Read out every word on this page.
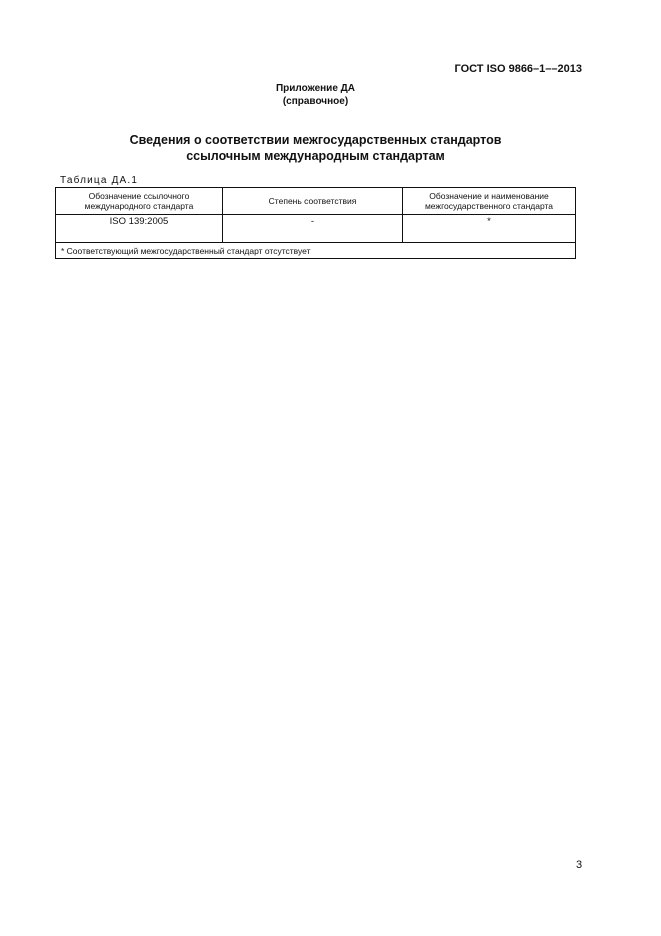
ГОСТ ISO 9866–1––2013
Приложение ДА
(справочное)
Сведения о соответствии межгосударственных стандартов
ссылочным международным стандартам
Таблица ДА.1
Обозначение ссылочного международного стандарта	Степень соответствия	Обозначение и наименование межгосударственного стандарта
ISO 139:2005	-	*
* Соответствующий межгосударственный стандарт отсутствует		
3
